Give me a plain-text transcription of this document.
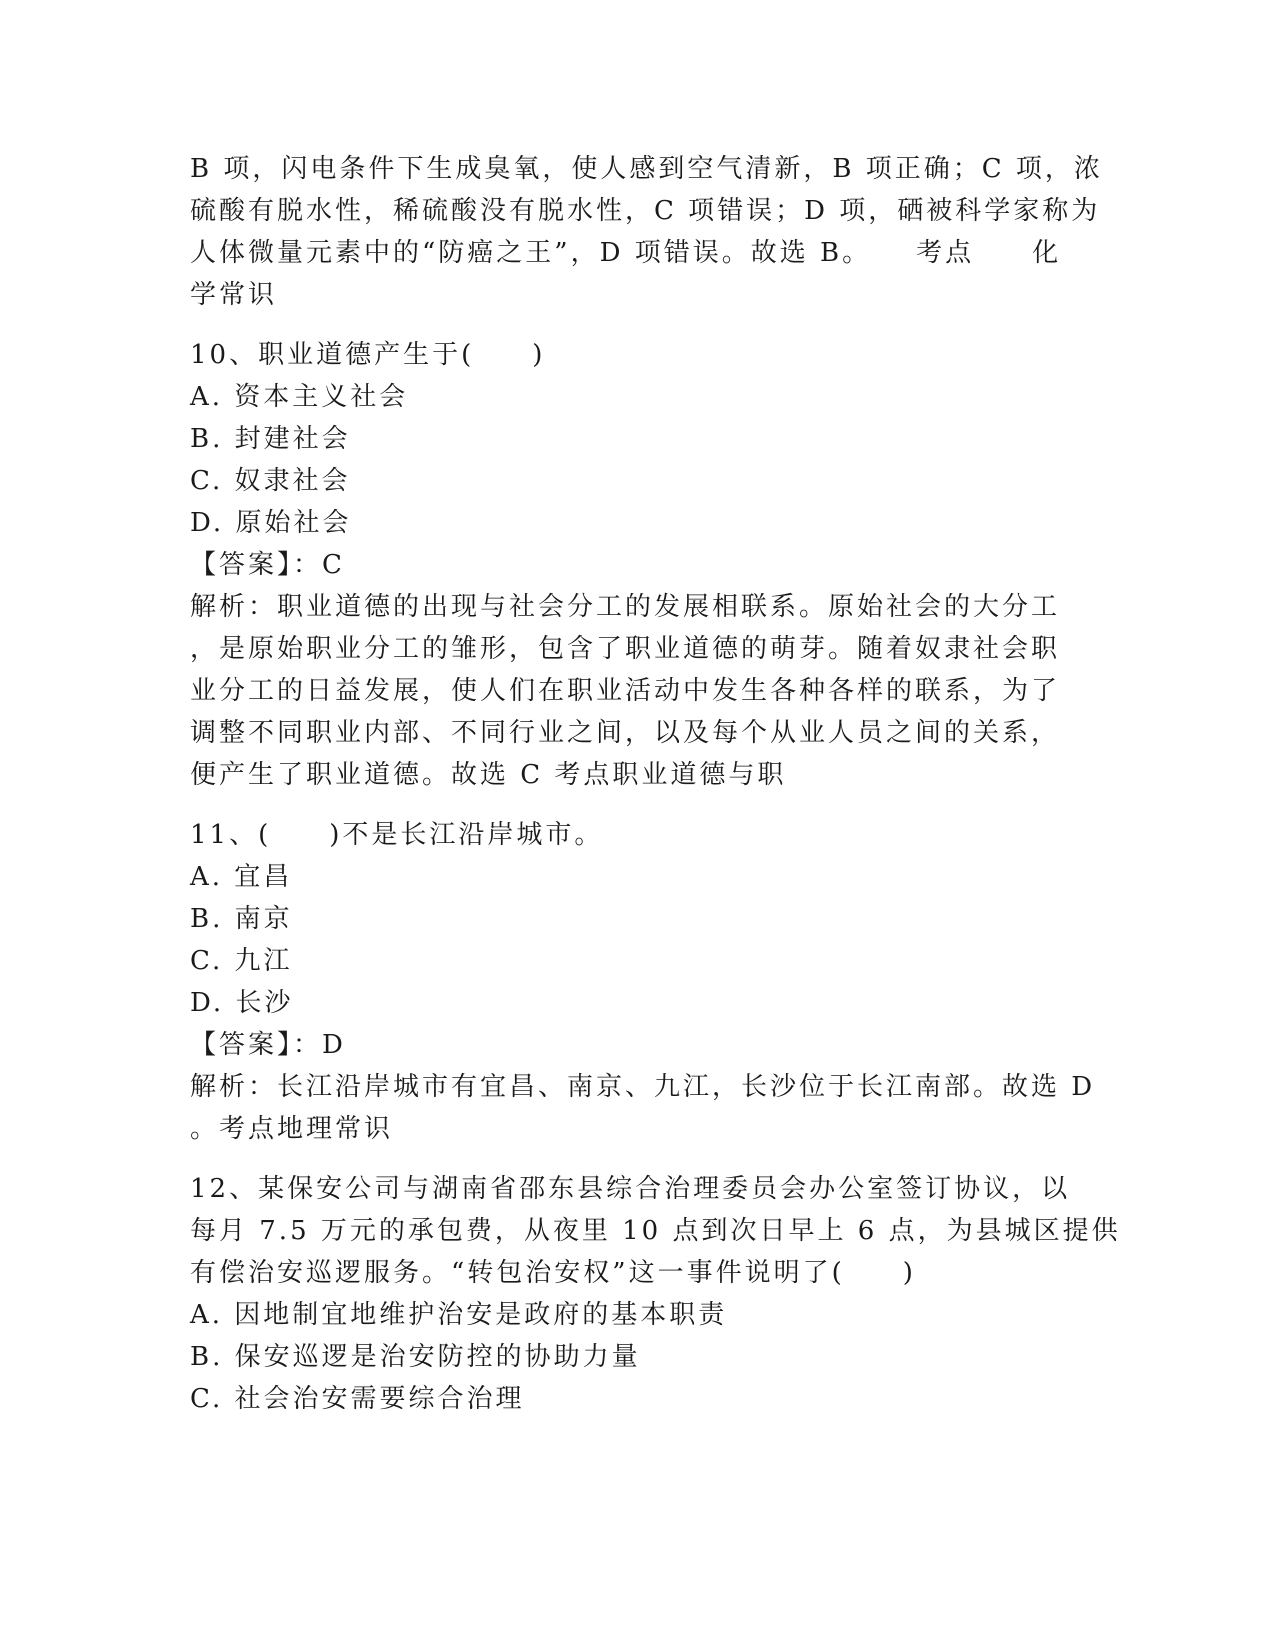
B 项，闪电条件下生成臭氧，使人感到空气清新，B 项正确；C 项，浓
硫酸有脱水性，稀硫酸没有脱水性，C 项错误；D 项，硒被科学家称为
人体微量元素中的“防癌之王”，D 项错误。故选 B。　　考点　　化
学常识

10、职业道德产生于(　　)
A. 资本主义社会
B. 封建社会
C. 奴隶社会
D. 原始社会
【答案】：C
解析：职业道德的出现与社会分工的发展相联系。原始社会的大分工
，是原始职业分工的雏形，包含了职业道德的萌芽。随着奴隶社会职
业分工的日益发展，使人们在职业活动中发生各种各样的联系，为了
调整不同职业内部、不同行业之间，以及每个从业人员之间的关系，
便产生了职业道德。故选 C 考点职业道德与职

11、(　　)不是长江沿岸城市。
A. 宜昌
B. 南京
C. 九江
D. 长沙
【答案】：D
解析：长江沿岸城市有宜昌、南京、九江，长沙位于长江南部。故选 D
。考点地理常识

12、某保安公司与湖南省邵东县综合治理委员会办公室签订协议，以
每月 7.5 万元的承包费，从夜里 10 点到次日早上 6 点，为县城区提供
有偿治安巡逻服务。“转包治安权”这一事件说明了(　　)
A. 因地制宜地维护治安是政府的基本职责
B. 保安巡逻是治安防控的协助力量
C. 社会治安需要综合治理
